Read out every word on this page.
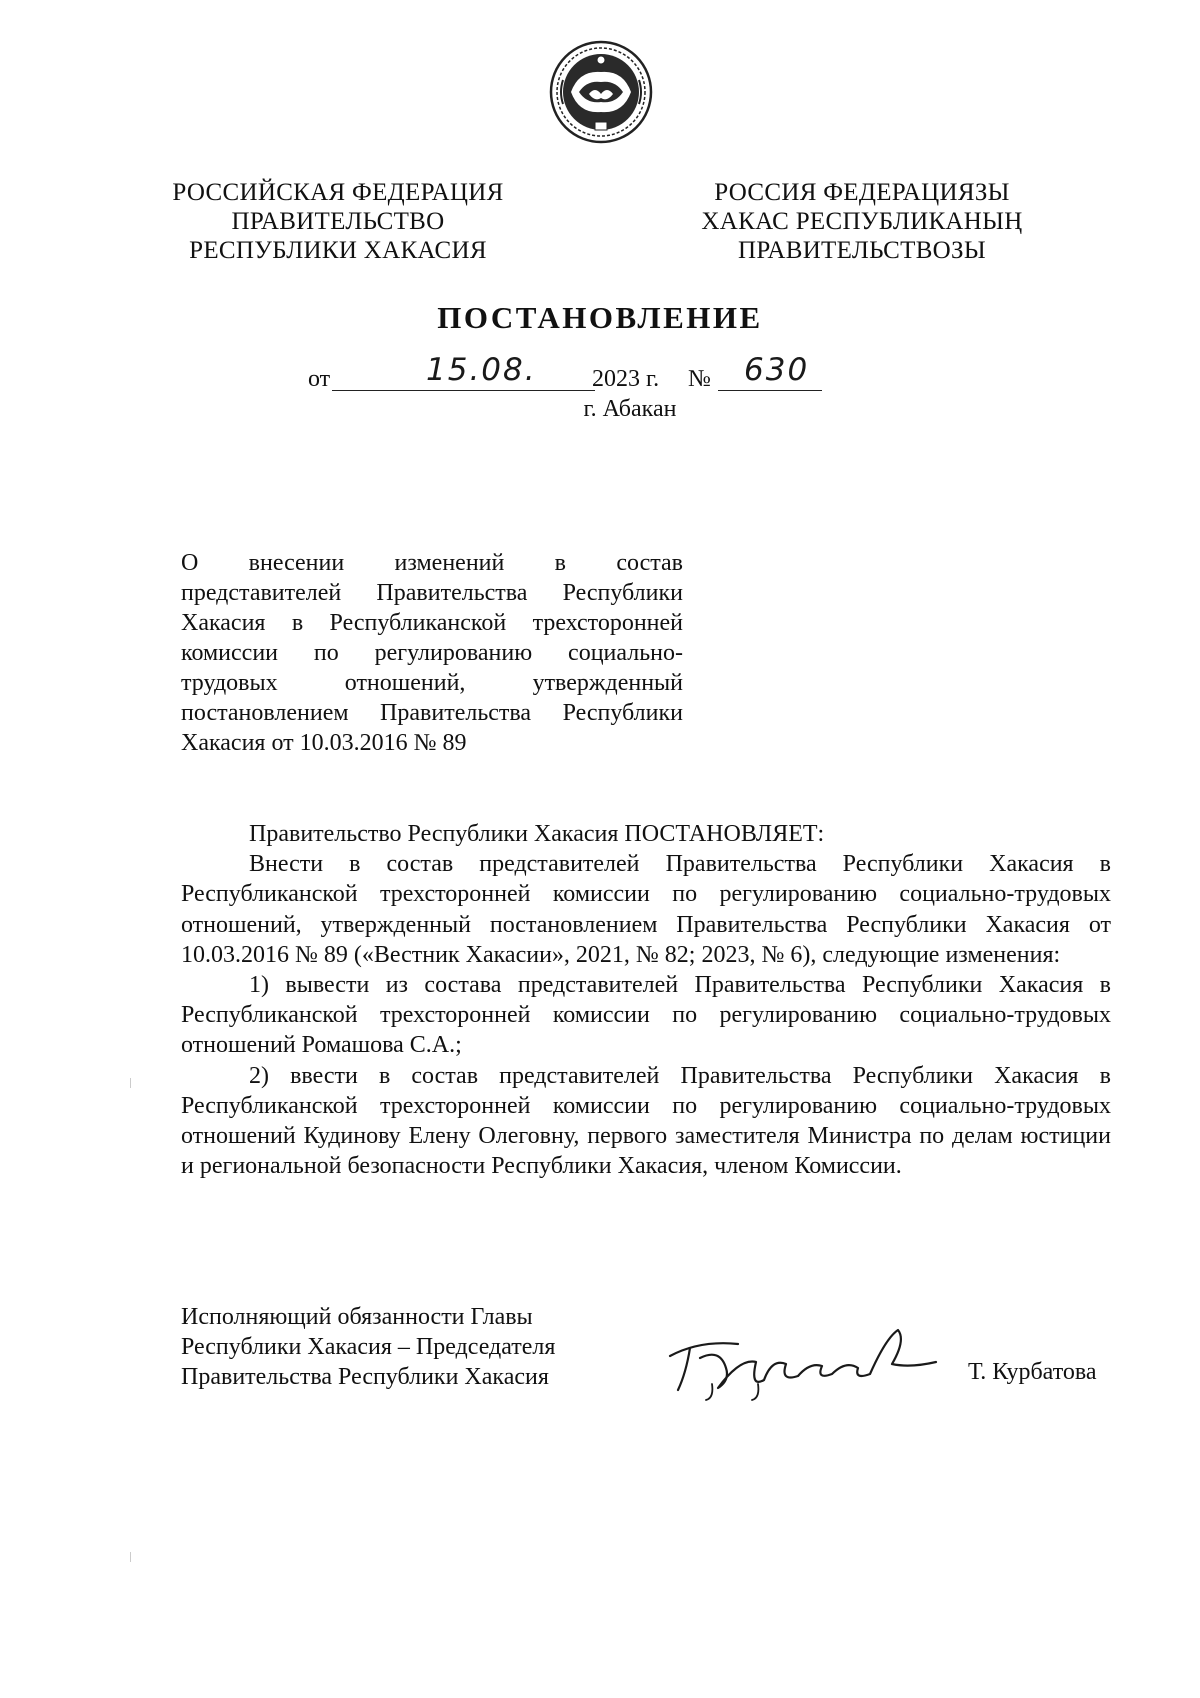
РОССИЙСКАЯ ФЕДЕРАЦИЯ
ПРАВИТЕЛЬСТВО
РЕСПУБЛИКИ ХАКАСИЯ
РОССИЯ ФЕДЕРАЦИЯЗЫ
ХАКАС РЕСПУБЛИКАНЫҢ
ПРАВИТЕЛЬСТВОЗЫ
ПОСТАНОВЛЕНИЕ
от	15.08. 2023 г. № 630
г. Абакан
О внесении изменений в состав
представителей Правительства Республики
Хакасия в Республиканской трехсторонней
комиссии по регулированию социально-
трудовых отношений, утвержденный
постановлением Правительства Республики
Хакасия от 10.03.2016 № 89

Правительство Республики Хакасия ПОСТАНОВЛЯЕТ:

Внести в состав представителей Правительства Республики Хакасия в Республиканской трехсторонней комиссии по регулированию социально-трудовых отношений, утвержденный постановлением Правительства Республики Хакасия от 10.03.2016 № 89 («Вестник Хакасии», 2021, № 82; 2023, № 6), следующие изменения:

1) вывести из состава представителей Правительства Республики Хакасия в Республиканской трехсторонней комиссии по регулированию социально-трудовых отношений Ромашова С.А.;

2) ввести в состав представителей Правительства Республики Хакасия в Республиканской трехсторонней комиссии по регулированию социально-трудовых отношений Кудинову Елену Олеговну, первого заместителя Министра по делам юстиции и региональной безопасности Республики Хакасия, членом Комиссии.

Исполняющий обязанности Главы
Республики Хакасия – Председателя
Правительства Республики Хакасия	Т. Курбатова
